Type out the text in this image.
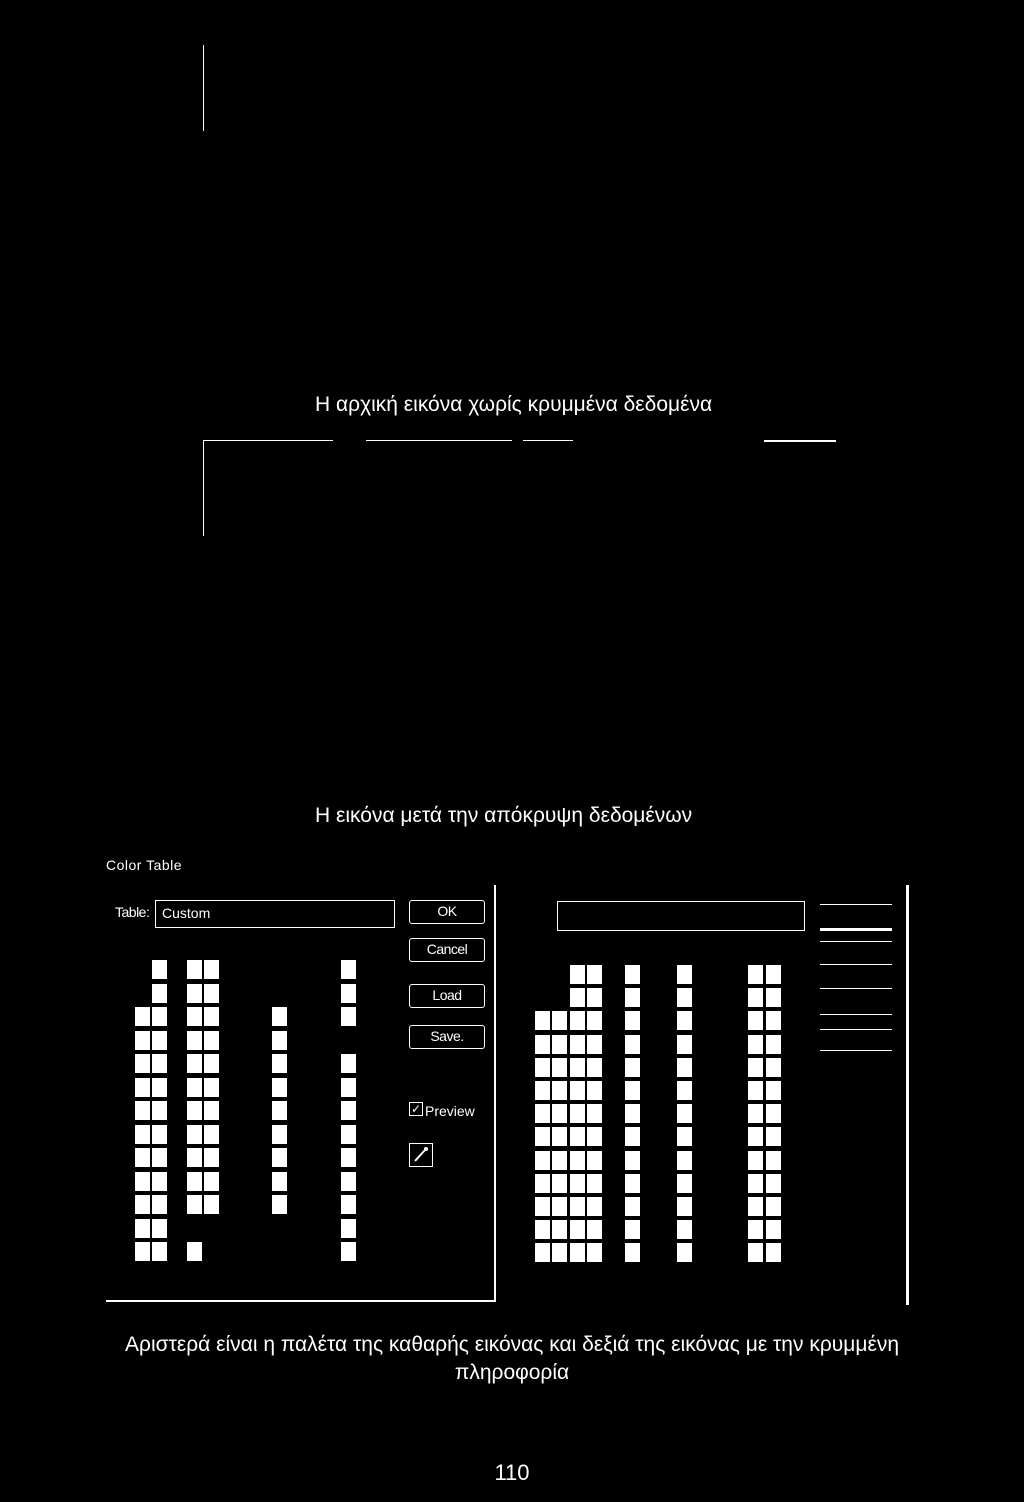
Η αρχική εικόνα χωρίς κρυμμένα δεδομένα
Η εικόνα μετά την απόκρυψη δεδομένων
Color Table
Table: Custom	OK
Cancel
Load
Save.
✓ Preview
Αριστερά είναι η παλέτα της καθαρής εικόνας και δεξιά της εικόνας με την κρυμμένη
πληροφορία
110
